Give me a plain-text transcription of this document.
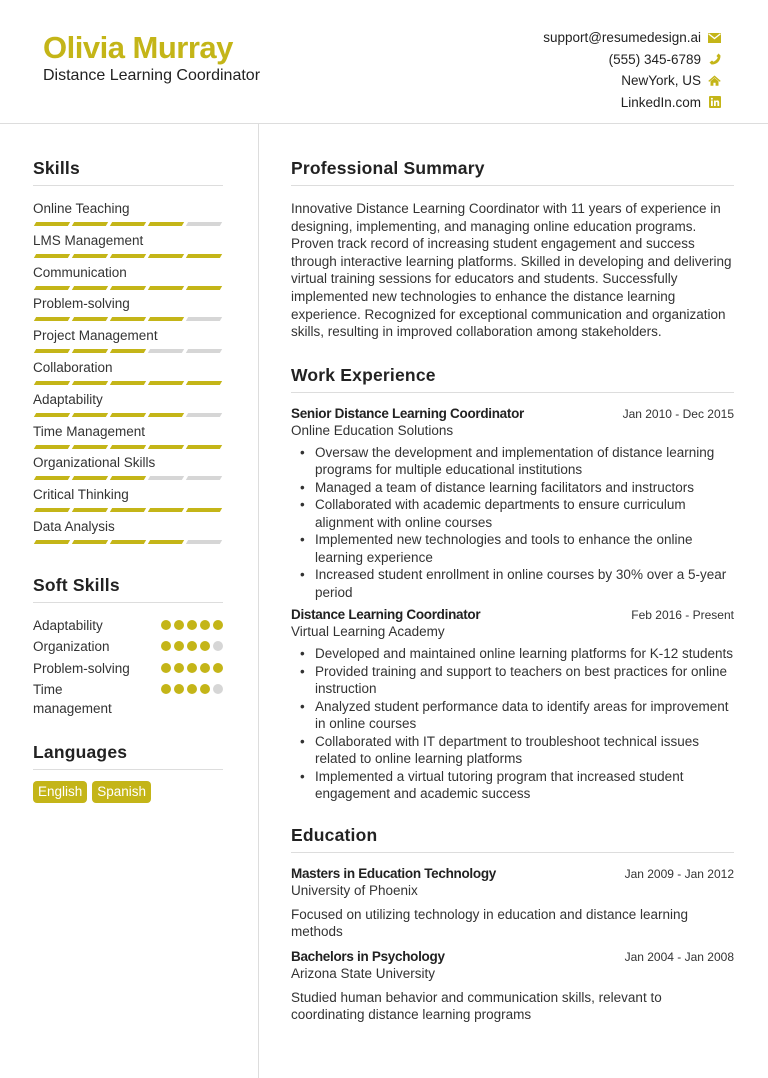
Olivia Murray
Distance Learning Coordinator
support@resumedesign.ai
(555) 345-6789
NewYork, US
LinkedIn.com
Skills
Online Teaching
LMS Management
Communication
Problem-solving
Project Management
Collaboration
Adaptability
Time Management
Organizational Skills
Critical Thinking
Data Analysis
Soft Skills
Adaptability
Organization
Problem-solving
Time management
Languages
English	Spanish
Professional Summary

Innovative Distance Learning Coordinator with 11 years of experience in designing, implementing, and managing online education programs. Proven track record of increasing student engagement and success through interactive learning platforms. Skilled in developing and delivering virtual training sessions for educators and students. Successfully implemented new technologies to enhance the distance learning experience. Recognized for exceptional communication and organization skills, resulting in improved collaboration among stakeholders.

Work Experience
Senior Distance Learning Coordinator	Jan 2010 - Dec 2015
Online Education Solutions
• Oversaw the development and implementation of distance learning programs for multiple educational institutions
• Managed a team of distance learning facilitators and instructors
• Collaborated with academic departments to ensure curriculum alignment with online courses
• Implemented new technologies and tools to enhance the online learning experience
• Increased student enrollment in online courses by 30% over a 5-year period
Distance Learning Coordinator	Feb 2016 - Present
Virtual Learning Academy
• Developed and maintained online learning platforms for K-12 students
• Provided training and support to teachers on best practices for online instruction
• Analyzed student performance data to identify areas for improvement in online courses
• Collaborated with IT department to troubleshoot technical issues related to online learning platforms
• Implemented a virtual tutoring program that increased student engagement and academic success
Education
Masters in Education Technology	Jan 2009 - Jan 2012
University of Phoenix
Focused on utilizing technology in education and distance learning methods
Bachelors in Psychology	Jan 2004 - Jan 2008
Arizona State University
Studied human behavior and communication skills, relevant to coordinating distance learning programs
